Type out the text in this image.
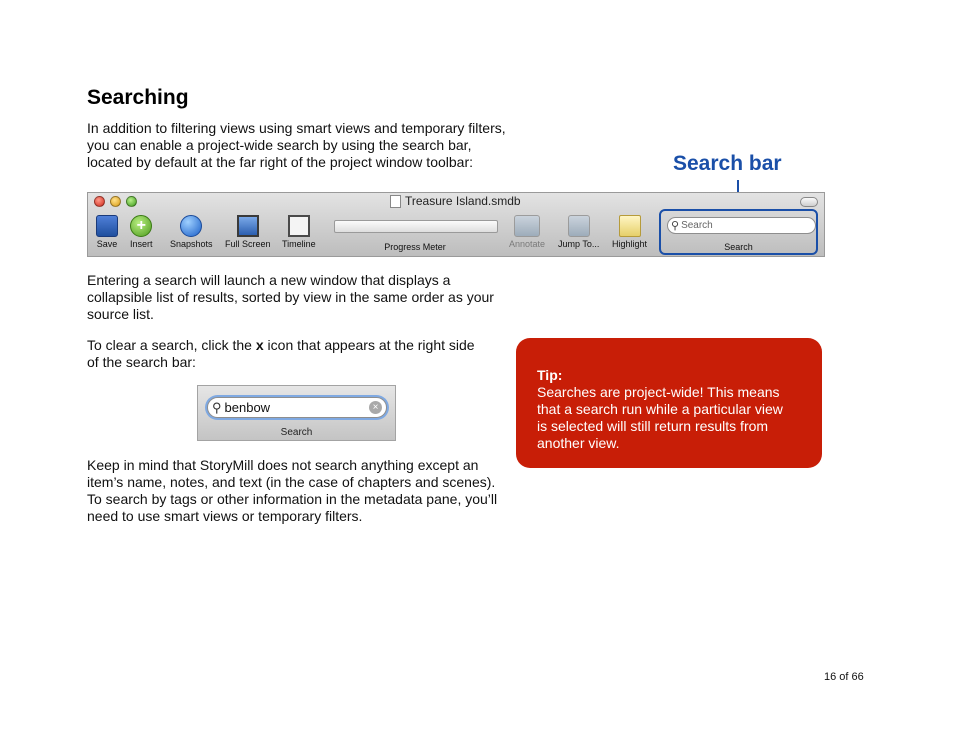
Searching
In addition to filtering views using smart views and temporary filters,
you can enable a project-wide search by using the search bar,
located by default at the far right of the project window toolbar:	Search bar
Treasure Island.smdb
Save
+
Insert Snapshots Full Screen Timeline	Progress Meter	Annotate Jump To... Highlight
⚲ Search
Search
Entering a search will launch a new window that displays a
collapsible list of results, sorted by view in the same order as your
source list.
To clear a search, click the x icon that appears at the right side
of the search bar:
⚲ benbow	×
Search
Keep in mind that StoryMill does not search anything except an
item’s name, notes, and text (in the case of chapters and scenes).
To search by tags or other information in the metadata pane, you’ll
need to use smart views or temporary filters.
Tip:
Searches are project-wide! This means
that a search run while a particular view
is selected will still return results from
another view.
16 of 66
